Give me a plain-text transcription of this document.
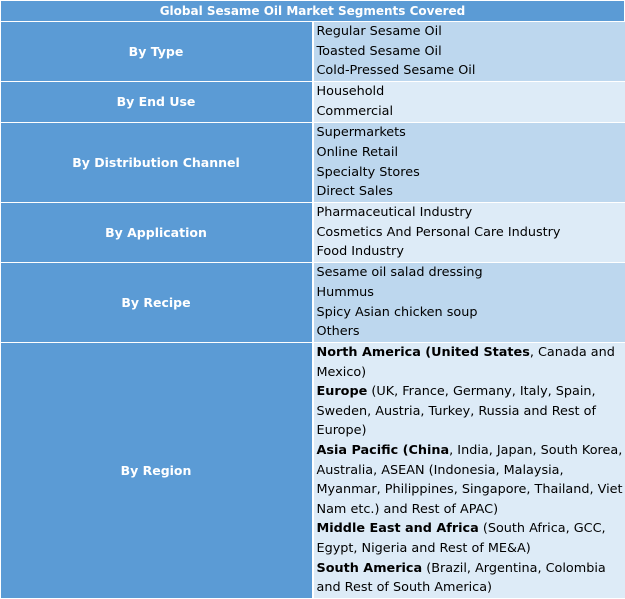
Global Sesame Oil Market Segments Covered	
By Type	Regular Sesame Oil
Toasted Sesame Oil
Cold-Pressed Sesame Oil

By End Use	Household
Commercial

By Distribution Channel	Supermarkets
Online Retail
Specialty Stores
Direct Sales

By Application	Pharmaceutical Industry
Cosmetics And Personal Care Industry
Food Industry

By Recipe	Sesame oil salad dressing
Hummus
Spicy Asian chicken soup
Others

By Region	North America (United States, Canada and Mexico)
Europe (UK, France, Germany, Italy, Spain, Sweden, Austria, Turkey, Russia and Rest of Europe)
Asia Pacific (China, India, Japan, South Korea, Australia, ASEAN (Indonesia, Malaysia, Myanmar, Philippines, Singapore, Thailand, Viet Nam etc.) and Rest of APAC)
Middle East and Africa (South Africa, GCC, Egypt, Nigeria and Rest of ME&A)
South America (Brazil, Argentina, Colombia and Rest of South America)
